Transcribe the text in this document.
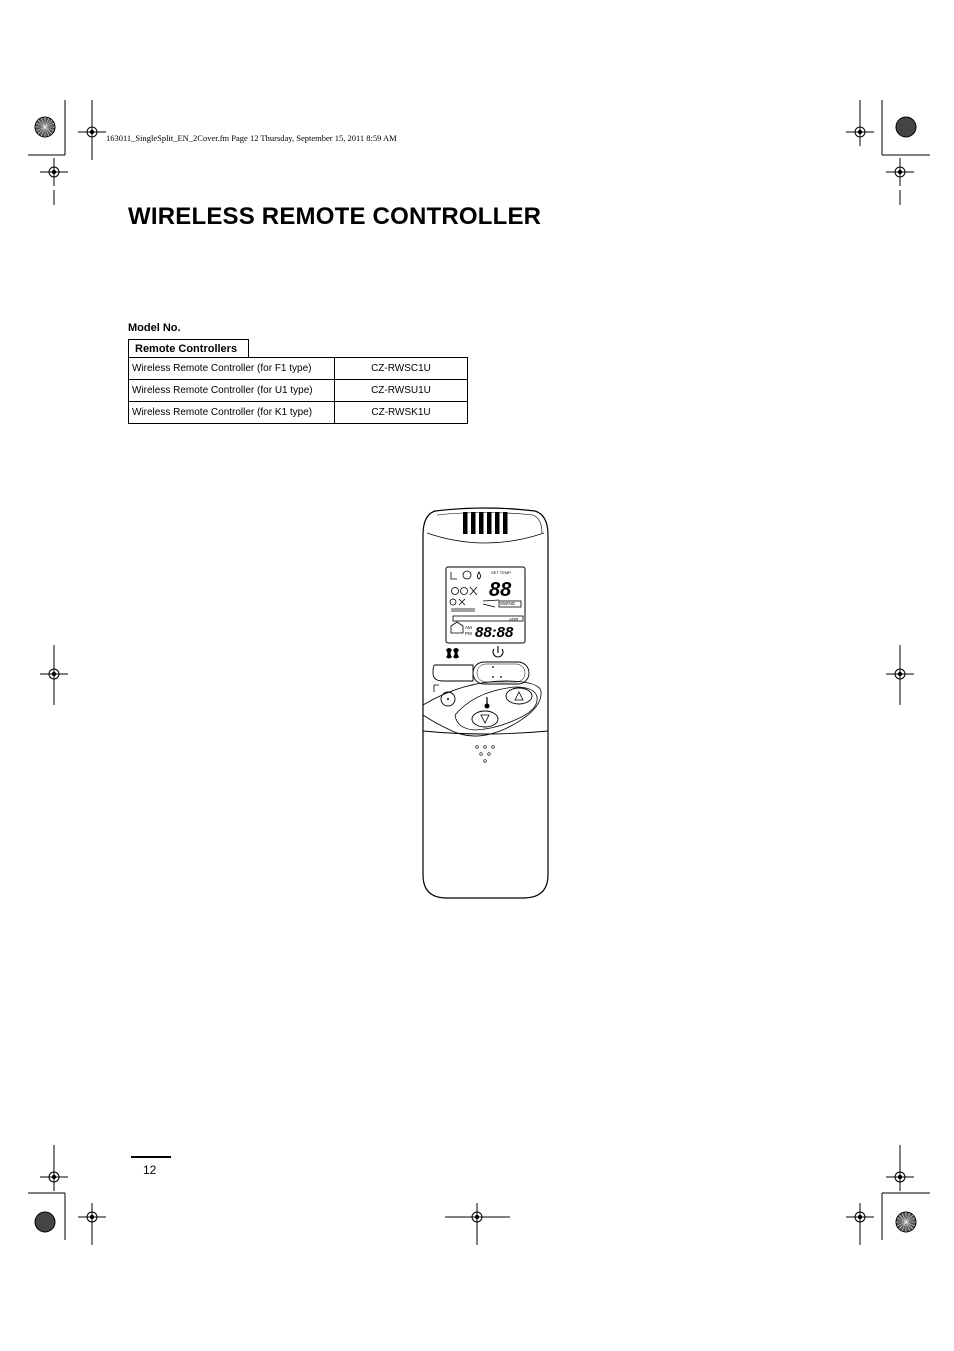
163011_SingleSplit_EN_2Cover.fm Page 12 Thursday, September 15, 2011 8:59 AM
WIRELESS REMOTE CONTROLLER
Model No.
Remote Controllers
Wireless Remote Controller (for F1 type)	CZ-RWSC1U
Wireless Remote Controller (for U1 type)	CZ-RWSU1U
Wireless Remote Controller (for K1 type)	CZ-RWSK1U
SET TEMP.
88
SWING
AM
PM 88:88
ADR
12
